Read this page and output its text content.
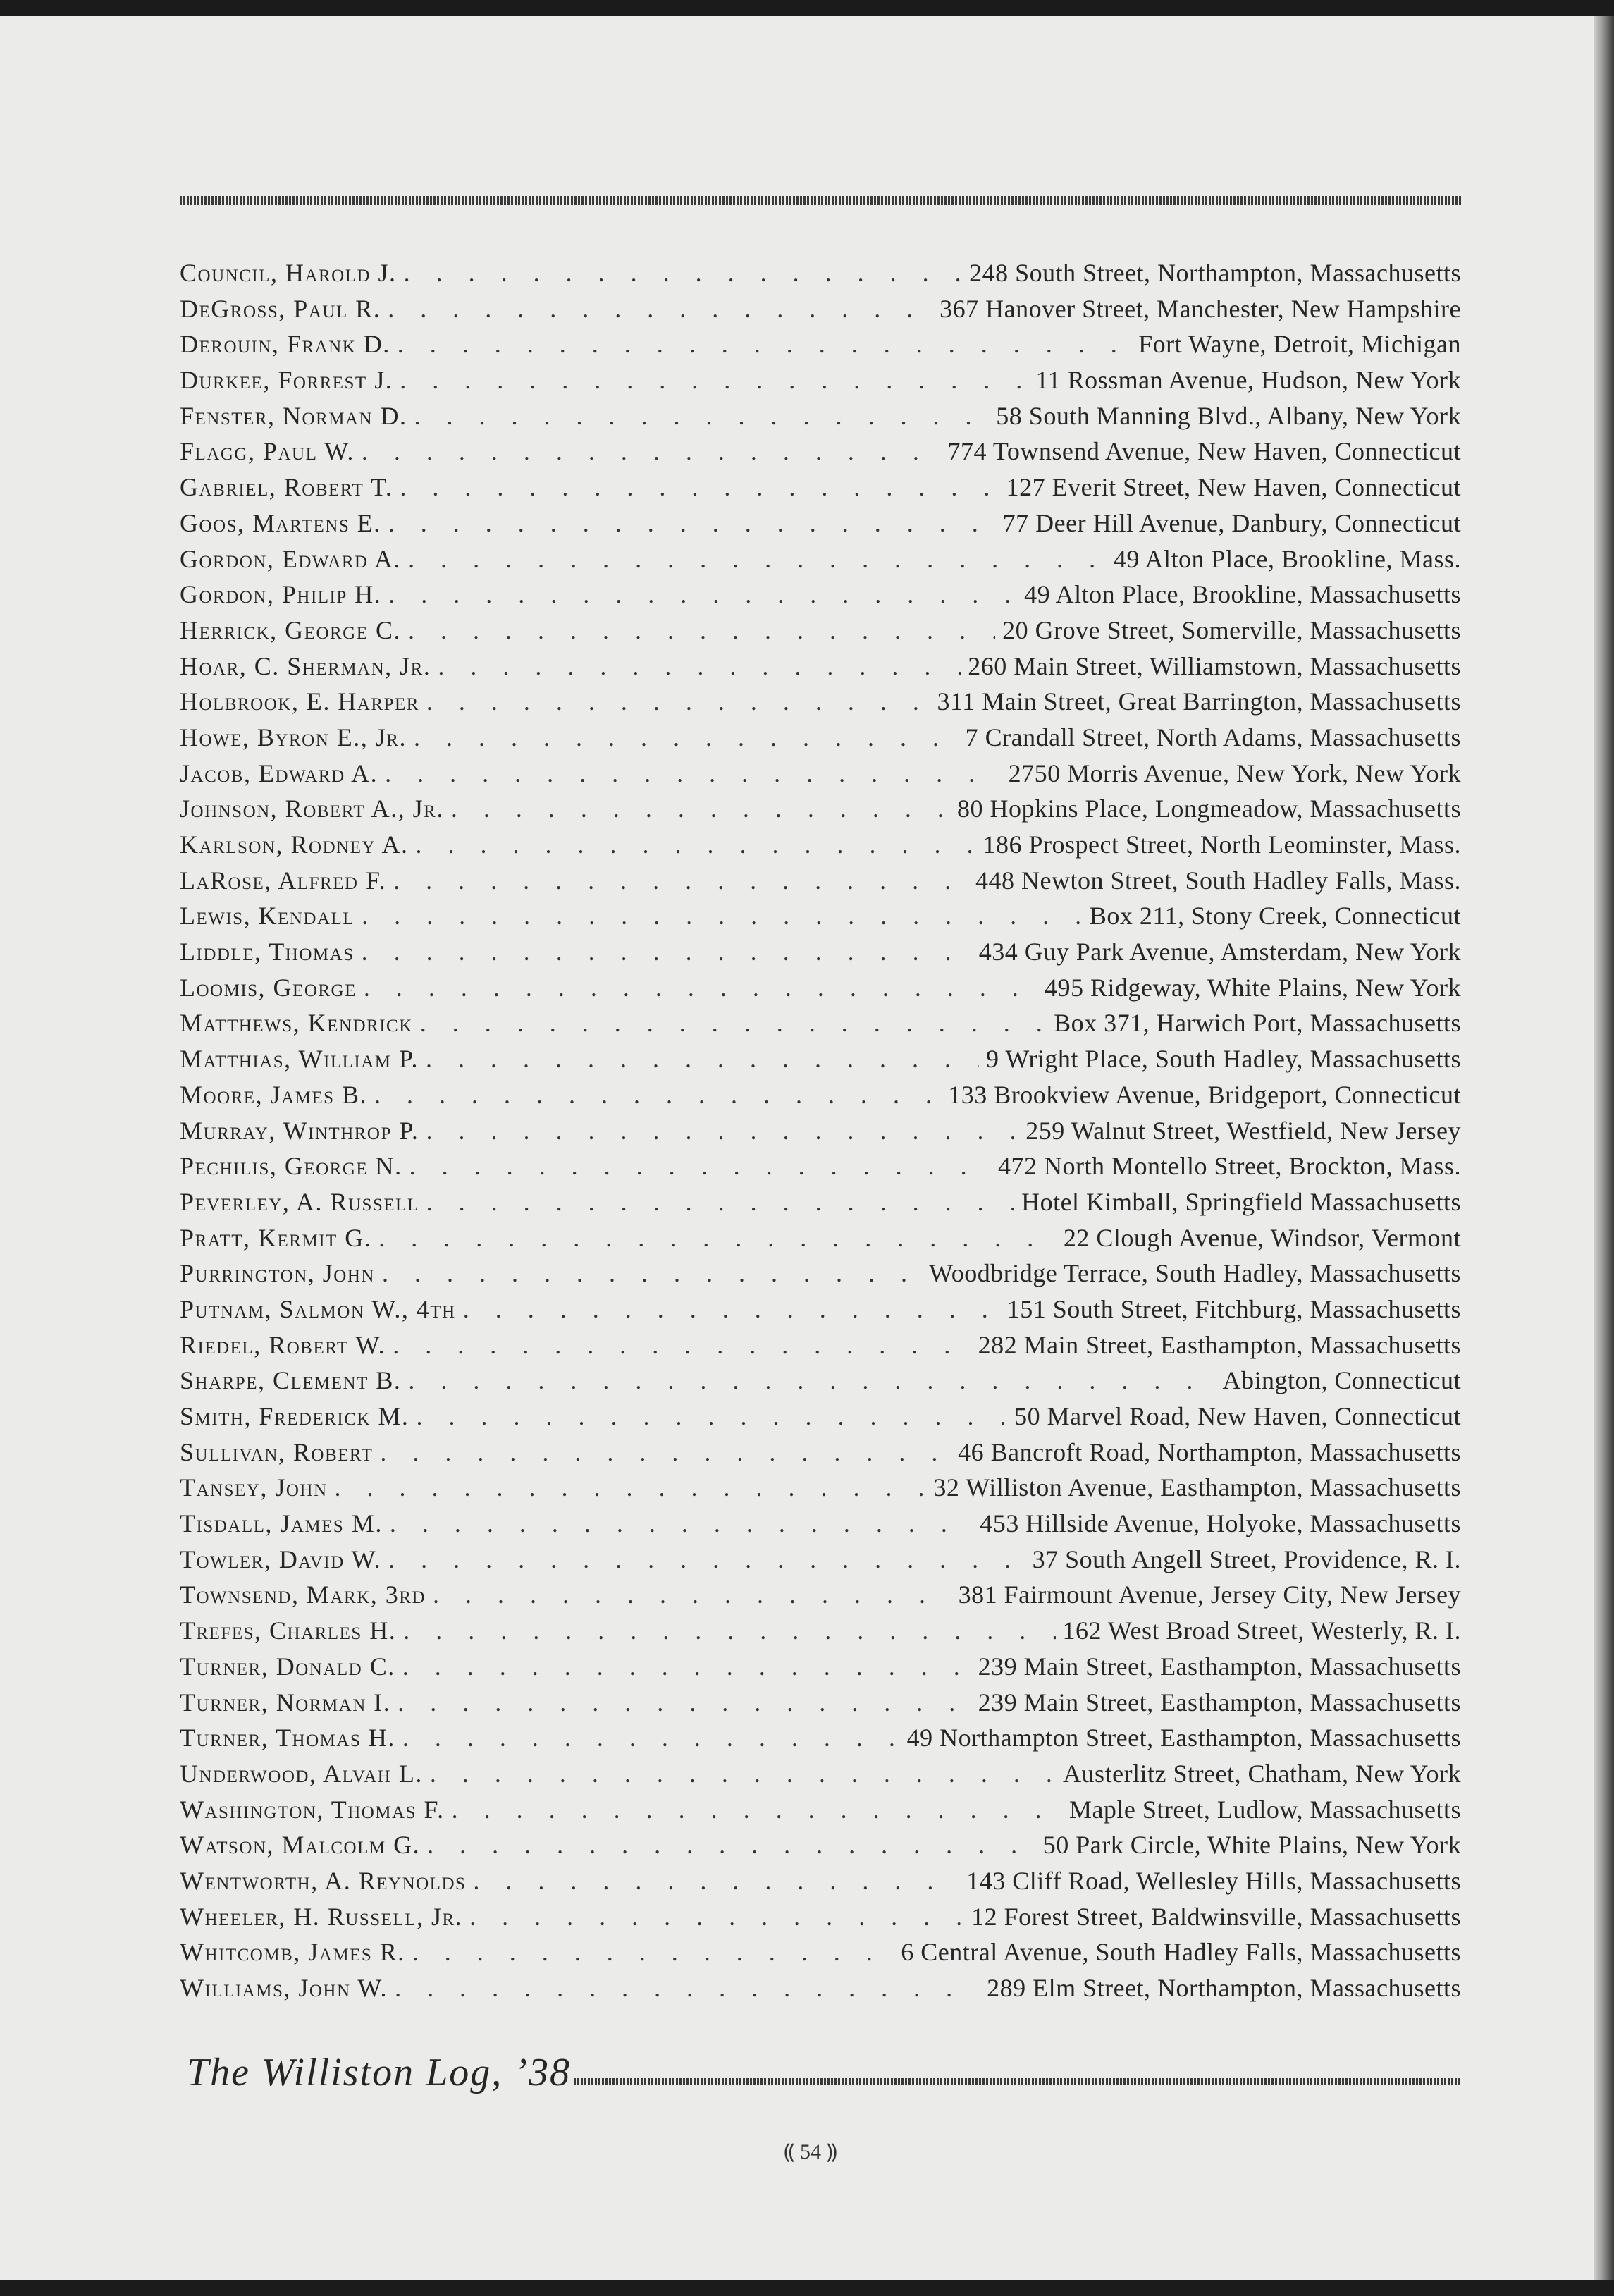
Council, Harold J. . . .	248 South Street, Northampton, Massachusetts
DeGross, Paul R. . . .	367 Hanover Street, Manchester, New Hampshire
Derouin, Frank D. . . .	Fort Wayne, Detroit, Michigan
Durkee, Forrest J. . . .	11 Rossman Avenue, Hudson, New York
Fenster, Norman D. . . .	58 South Manning Blvd., Albany, New York
Flagg, Paul W. . . .	774 Townsend Avenue, New Haven, Connecticut
Gabriel, Robert T. . . .	127 Everit Street, New Haven, Connecticut
Goos, Martens E. . . .	77 Deer Hill Avenue, Danbury, Connecticut
Gordon, Edward A. . . .	49 Alton Place, Brookline, Mass.
Gordon, Philip H. . . .	49 Alton Place, Brookline, Massachusetts
Herrick, George C. . . .	20 Grove Street, Somerville, Massachusetts
Hoar, C. Sherman, Jr. . . .	260 Main Street, Williamstown, Massachusetts
Holbrook, E. Harper . . .	311 Main Street, Great Barrington, Massachusetts
Howe, Byron E., Jr. . . .	7 Crandall Street, North Adams, Massachusetts
Jacob, Edward A. . . .	2750 Morris Avenue, New York, New York
Johnson, Robert A., Jr. . . .	80 Hopkins Place, Longmeadow, Massachusetts
Karlson, Rodney A. . . .	186 Prospect Street, North Leominster, Mass.
LaRose, Alfred F. . . .	448 Newton Street, South Hadley Falls, Mass.
Lewis, Kendall . . .	Box 211, Stony Creek, Connecticut
Liddle, Thomas . . .	434 Guy Park Avenue, Amsterdam, New York
Loomis, George . . .	495 Ridgeway, White Plains, New York
Matthews, Kendrick . . .	Box 371, Harwich Port, Massachusetts
Matthias, William P. . . .	9 Wright Place, South Hadley, Massachusetts
Moore, James B. . . .	133 Brookview Avenue, Bridgeport, Connecticut
Murray, Winthrop P. . . .	259 Walnut Street, Westfield, New Jersey
Pechilis, George N. . . .	472 North Montello Street, Brockton, Mass.
Peverley, A. Russell . . .	Hotel Kimball, Springfield Massachusetts
Pratt, Kermit G. . . .	22 Clough Avenue, Windsor, Vermont
Purrington, John . . .	Woodbridge Terrace, South Hadley, Massachusetts
Putnam, Salmon W., 4th . . .	151 South Street, Fitchburg, Massachusetts
Riedel, Robert W. . . .	282 Main Street, Easthampton, Massachusetts
Sharpe, Clement B. . . .	Abington, Connecticut
Smith, Frederick M. . . .	50 Marvel Road, New Haven, Connecticut
Sullivan, Robert . . .	46 Bancroft Road, Northampton, Massachusetts
Tansey, John . . .	32 Williston Avenue, Easthampton, Massachusetts
Tisdall, James M. . . .	453 Hillside Avenue, Holyoke, Massachusetts
Towler, David W. . . .	37 South Angell Street, Providence, R. I.
Townsend, Mark, 3rd . . .	381 Fairmount Avenue, Jersey City, New Jersey
Trefes, Charles H. . . .	162 West Broad Street, Westerly, R. I.
Turner, Donald C. . . .	239 Main Street, Easthampton, Massachusetts
Turner, Norman I. . . .	239 Main Street, Easthampton, Massachusetts
Turner, Thomas H. . . .	49 Northampton Street, Easthampton, Massachusetts
Underwood, Alvah L. . . .	Austerlitz Street, Chatham, New York
Washington, Thomas F. . . .	Maple Street, Ludlow, Massachusetts
Watson, Malcolm G. . . .	50 Park Circle, White Plains, New York
Wentworth, A. Reynolds . . .	143 Cliff Road, Wellesley Hills, Massachusetts
Wheeler, H. Russell, Jr. . . .	12 Forest Street, Baldwinsville, Massachusetts
Whitcomb, James R. . . .	6 Central Avenue, South Hadley Falls, Massachusetts
Williams, John W. . . .	289 Elm Street, Northampton, Massachusetts
The Williston Log, ’38
⸨ 54 ⸩
